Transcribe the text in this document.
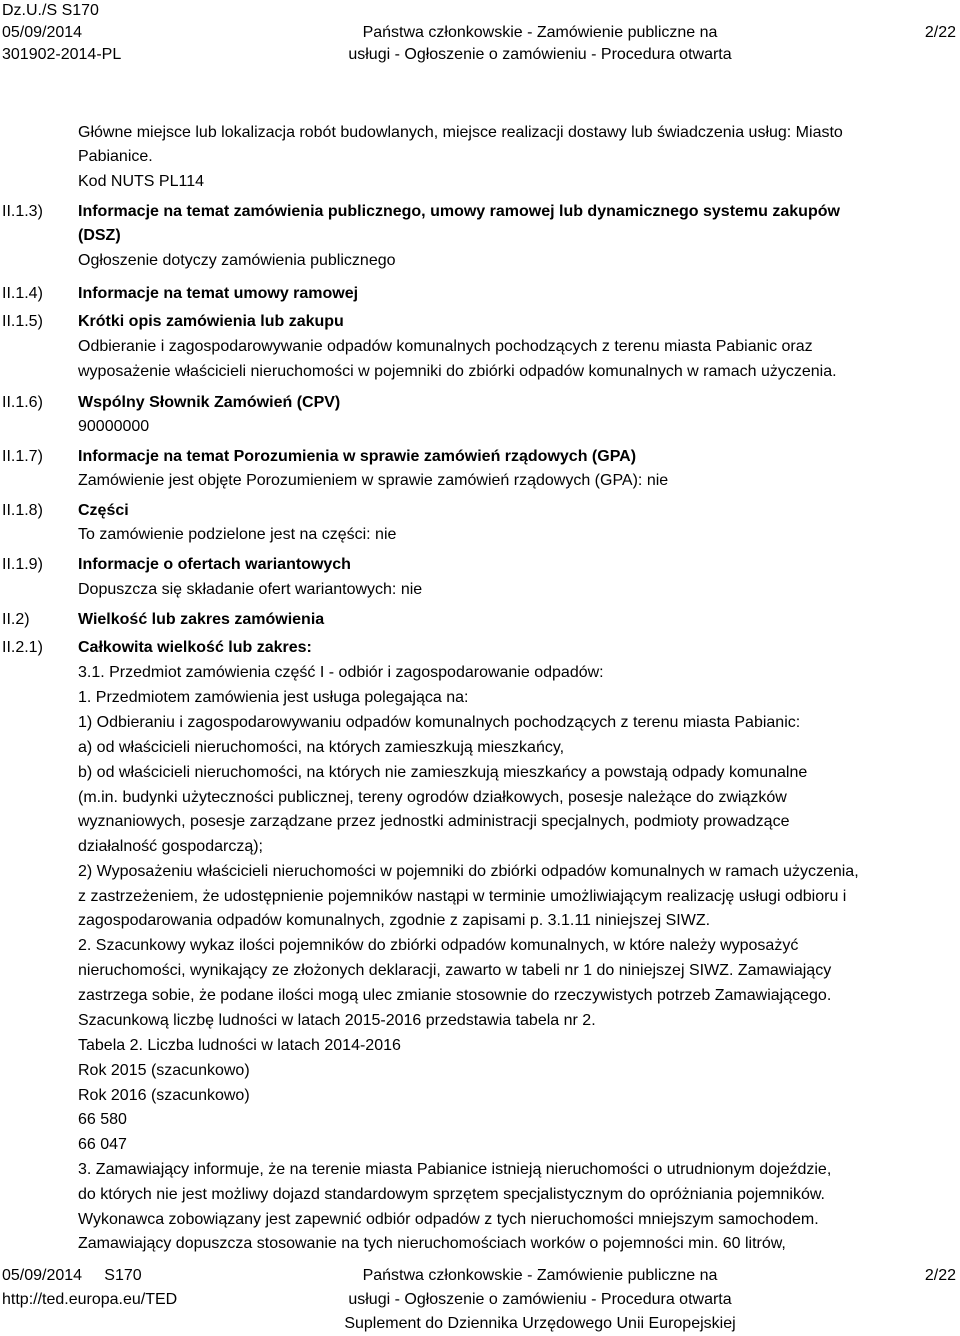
Dz.U./S S170
05/09/2014
301902-2014-PL
Państwa członkowskie - Zamówienie publiczne na
usługi - Ogłoszenie o zamówieniu - Procedura otwarta
2/22
II.1.3)
II.1.4)
II.1.5)
II.1.6)
II.1.7)
II.1.8)
II.1.9)
II.2)
II.2.1)
Główne miejsce lub lokalizacja robót budowlanych, miejsce realizacji dostawy lub świadczenia usług: Miasto
Pabianice.
Kod NUTS PL114
Informacje na temat zamówienia publicznego, umowy ramowej lub dynamicznego systemu zakupów
(DSZ)
Ogłoszenie dotyczy zamówienia publicznego
Informacje na temat umowy ramowej
Krótki opis zamówienia lub zakupu
Odbieranie i zagospodarowywanie odpadów komunalnych pochodzących z terenu miasta Pabianic oraz
wyposażenie właścicieli nieruchomości w pojemniki do zbiórki odpadów komunalnych w ramach użyczenia.
Wspólny Słownik Zamówień (CPV)
90000000
Informacje na temat Porozumienia w sprawie zamówień rządowych (GPA)
Zamówienie jest objęte Porozumieniem w sprawie zamówień rządowych (GPA): nie
Części
To zamówienie podzielone jest na części: nie
Informacje o ofertach wariantowych
Dopuszcza się składanie ofert wariantowych: nie
Wielkość lub zakres zamówienia
Całkowita wielkość lub zakres:
3.1. Przedmiot zamówienia część I - odbiór i zagospodarowanie odpadów:
1. Przedmiotem zamówienia jest usługa polegająca na:
1) Odbieraniu i zagospodarowywaniu odpadów komunalnych pochodzących z terenu miasta Pabianic:
a) od właścicieli nieruchomości, na których zamieszkują mieszkańcy,
b) od właścicieli nieruchomości, na których nie zamieszkują mieszkańcy a powstają odpady komunalne
(m.in. budynki użyteczności publicznej, tereny ogrodów działkowych, posesje należące do związków
wyznaniowych, posesje zarządzane przez jednostki administracji specjalnych, podmioty prowadzące
działalność gospodarczą);
2) Wyposażeniu właścicieli nieruchomości w pojemniki do zbiórki odpadów komunalnych w ramach użyczenia,
z zastrzeżeniem, że udostępnienie pojemników nastąpi w terminie umożliwiającym realizację usługi odbioru i
zagospodarowania odpadów komunalnych, zgodnie z zapisami p. 3.1.11 niniejszej SIWZ.
2. Szacunkowy wykaz ilości pojemników do zbiórki odpadów komunalnych, w które należy wyposażyć
nieruchomości, wynikający ze złożonych deklaracji, zawarto w tabeli nr 1 do niniejszej SIWZ. Zamawiający
zastrzega sobie, że podane ilości mogą ulec zmianie stosownie do rzeczywistych potrzeb Zamawiającego.
Szacunkową liczbę ludności w latach 2015-2016 przedstawia tabela nr 2.
Tabela 2. Liczba ludności w latach 2014-2016
Rok 2015 (szacunkowo)
Rok 2016 (szacunkowo)
66 580
66 047
3. Zamawiający informuje, że na terenie miasta Pabianice istnieją nieruchomości o utrudnionym dojeździe,
do których nie jest możliwy dojazd standardowym sprzętem specjalistycznym do opróżniania pojemników.
Wykonawca zobowiązany jest zapewnić odbiór odpadów z tych nieruchomości mniejszym samochodem.
Zamawiający dopuszcza stosowanie na tych nieruchomościach worków o pojemności min. 60 litrów,
05/09/2014     S170
http://ted.europa.eu/TED
Państwa członkowskie - Zamówienie publiczne na
usługi - Ogłoszenie o zamówieniu - Procedura otwarta
Suplement do Dziennika Urzędowego Unii Europejskiej
2/22
